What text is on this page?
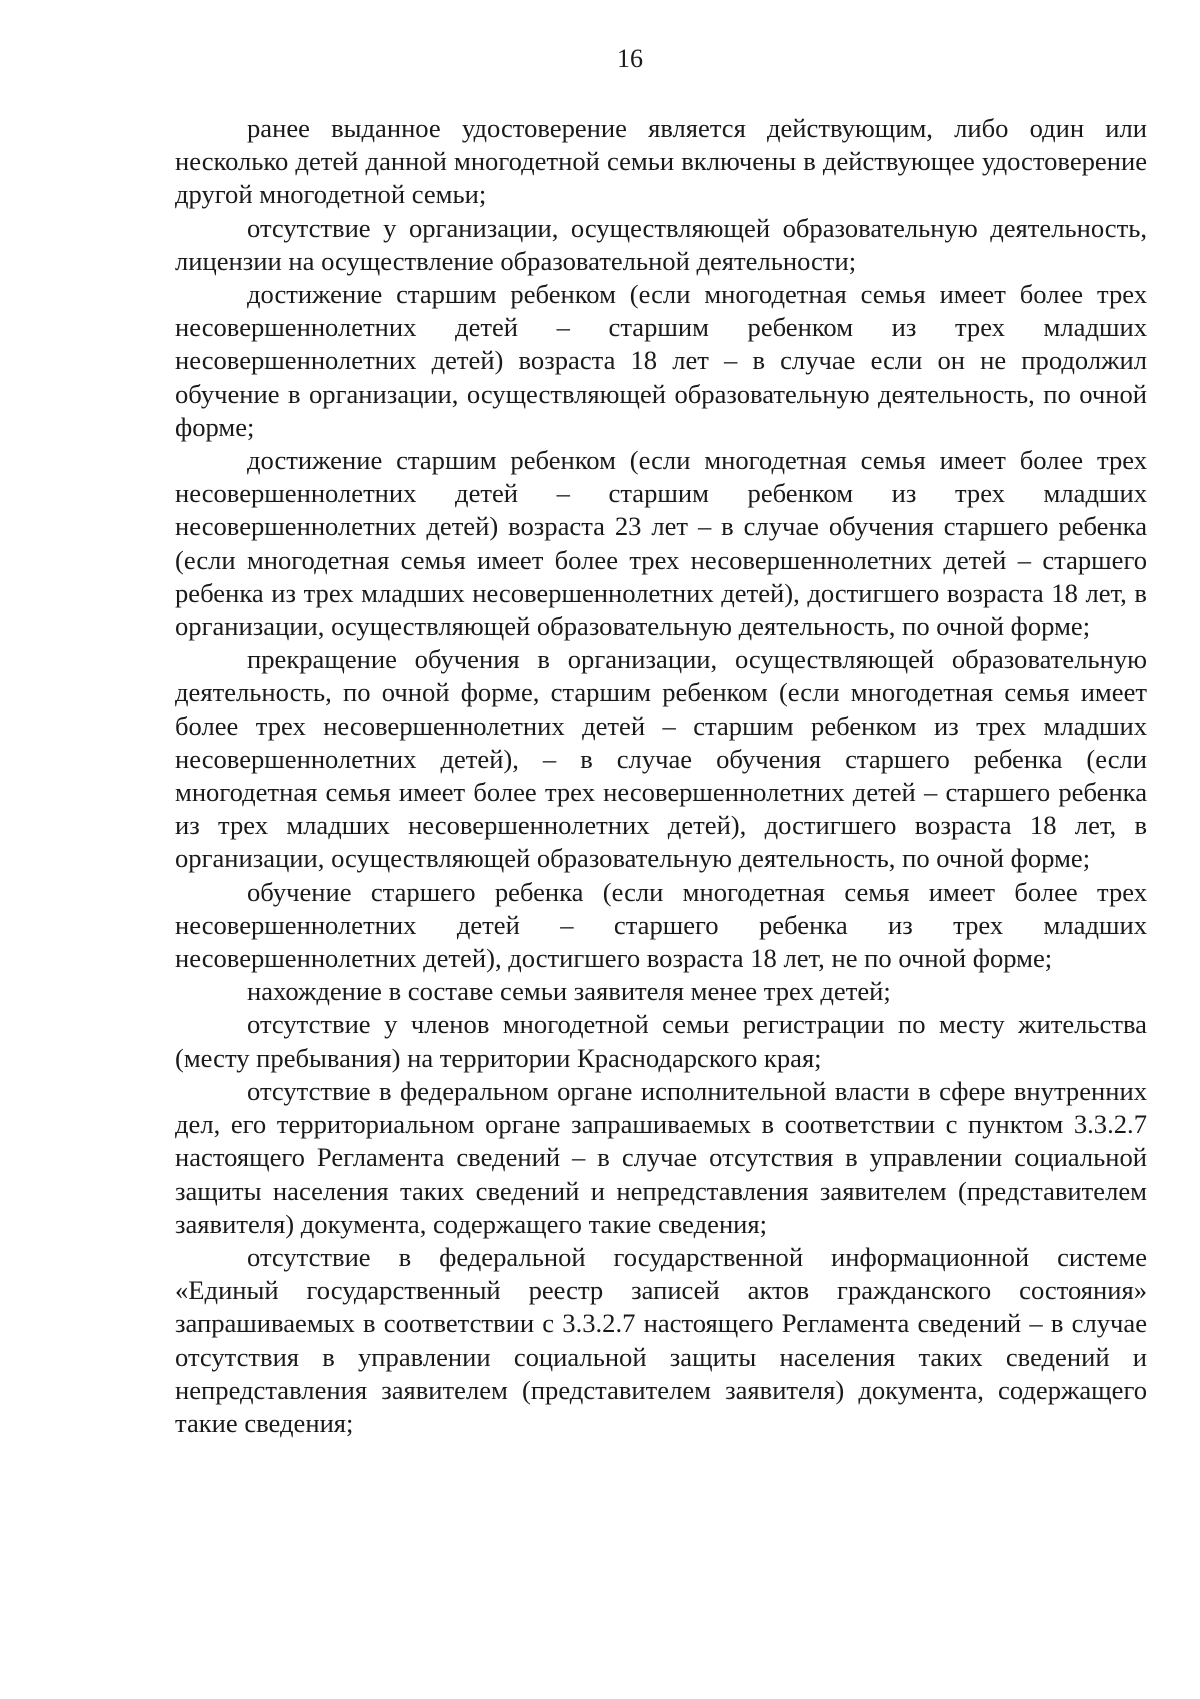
16

ранее выданное удостоверение является действующим, либо один или несколько детей данной многодетной семьи включены в действующее удостоверение другой многодетной семьи;

отсутствие у организации, осуществляющей образовательную деятельность, лицензии на осуществление образовательной деятельности;

достижение старшим ребенком (если многодетная семья имеет более трех несовершеннолетних детей – старшим ребенком из трех младших несовершеннолетних детей) возраста 18 лет – в случае если он не продолжил обучение в организации, осуществляющей образовательную деятельность, по очной форме;

достижение старшим ребенком (если многодетная семья имеет более трех несовершеннолетних детей – старшим ребенком из трех младших несовершеннолетних детей) возраста 23 лет – в случае обучения старшего ребенка (если многодетная семья имеет более трех несовершеннолетних детей – старшего ребенка из трех младших несовершеннолетних детей), достигшего возраста 18 лет, в организации, осуществляющей образовательную деятельность, по очной форме;

прекращение обучения в организации, осуществляющей образовательную деятельность, по очной форме, старшим ребенком (если многодетная семья имеет более трех несовершеннолетних детей – старшим ребенком из трех младших несовершеннолетних детей), – в случае обучения старшего ребенка (если многодетная семья имеет более трех несовершеннолетних детей – старшего ребенка из трех младших несовершеннолетних детей), достигшего возраста 18 лет, в организации, осуществляющей образовательную деятельность, по очной форме;

обучение старшего ребенка (если многодетная семья имеет более трех несовершеннолетних детей – старшего ребенка из трех младших несовершеннолетних детей), достигшего возраста 18 лет, не по очной форме;

нахождение в составе семьи заявителя менее трех детей;

отсутствие у членов многодетной семьи регистрации по месту жительства (месту пребывания) на территории Краснодарского края;

отсутствие в федеральном органе исполнительной власти в сфере внутренних дел, его территориальном органе запрашиваемых в соответствии с пунктом 3.3.2.7 настоящего Регламента сведений – в случае отсутствия в управлении социальной защиты населения таких сведений и непредставления заявителем (представителем заявителя) документа, содержащего такие сведения;

отсутствие в федеральной государственной информационной системе «Единый государственный реестр записей актов гражданского состояния» запрашиваемых в соответствии с 3.3.2.7 настоящего Регламента сведений – в случае отсутствия в управлении социальной защиты населения таких сведений и непредставления заявителем (представителем заявителя) документа, содержащего такие сведения;
